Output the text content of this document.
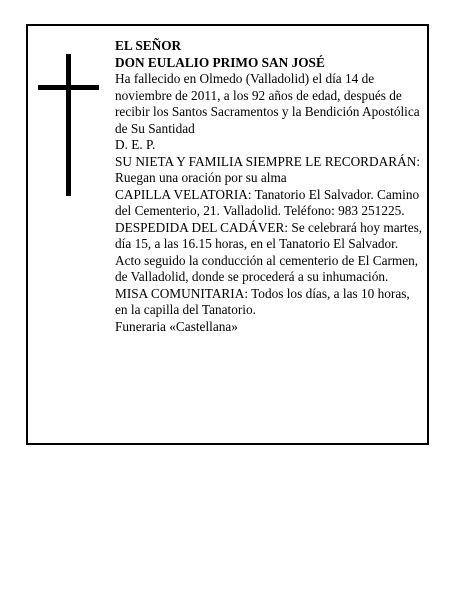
EL SEÑOR

DON EULALIO PRIMO SAN JOSÉ

Ha fallecido en Olmedo (Valladolid) el día 14 de noviembre de 2011, a los 92 años de edad, después de recibir los Santos Sacramentos y la Bendición Apostólica de Su Santidad

D. E. P.

SU NIETA Y FAMILIA SIEMPRE LE RECORDARÁN:

Ruegan una oración por su alma

CAPILLA VELATORIA: Tanatorio El Salvador. Camino del Cementerio, 21. Valladolid. Teléfono: 983 251225.

DESPEDIDA DEL CADÁVER: Se celebrará hoy martes, día 15, a las 16.15 horas, en el Tanatorio El Salvador. Acto seguido la conducción al cementerio de El Carmen, de Valladolid, donde se procederá a su inhumación.

MISA COMUNITARIA: Todos los días, a las 10 horas, en la capilla del Tanatorio.

Funeraria «Castellana»
